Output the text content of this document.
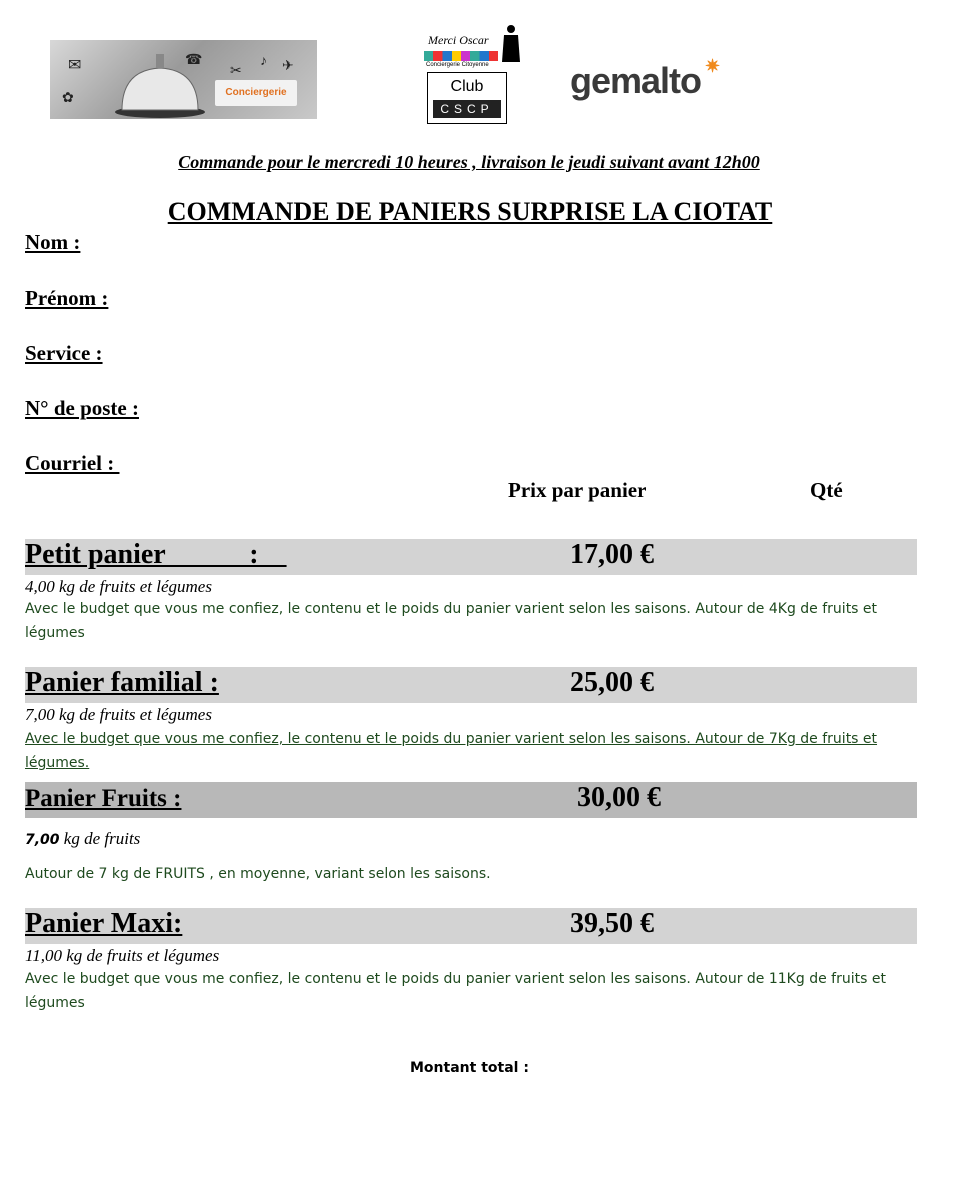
✉	☎
✂
♪ ✈
✿	Conciergerie
Merci Oscar
Conciergerie Citoyenne
Club
CSCP
gemalto ✷
Commande pour le mercredi 10 heures , livraison le jeudi suivant avant 12h00
COMMANDE DE PANIERS SURPRISE LA CIOTAT
Nom :
Prénom :
Service :
N° de poste :
Courriel :
Prix par panier	Qté
Petit panier            :	17,00 €
4,00 kg de fruits et légumes
Avec le budget que vous me confiez, le contenu et le poids du panier varient selon les saisons. Autour de 4Kg de fruits et légumes
Panier familial :	25,00 €
7,00 kg de fruits et légumes
Avec le budget que vous me confiez, le contenu et le poids du panier varient selon les saisons. Autour de 7Kg de fruits et légumes.
Panier Fruits :	30,00 €
7,00 kg de fruits
Autour de 7 kg de FRUITS , en moyenne, variant selon les saisons.
Panier Maxi:	39,50 €
11,00 kg de fruits et légumes
Avec le budget que vous me confiez, le contenu et le poids du panier varient selon les saisons. Autour de 11Kg de fruits et légumes
Montant total :
